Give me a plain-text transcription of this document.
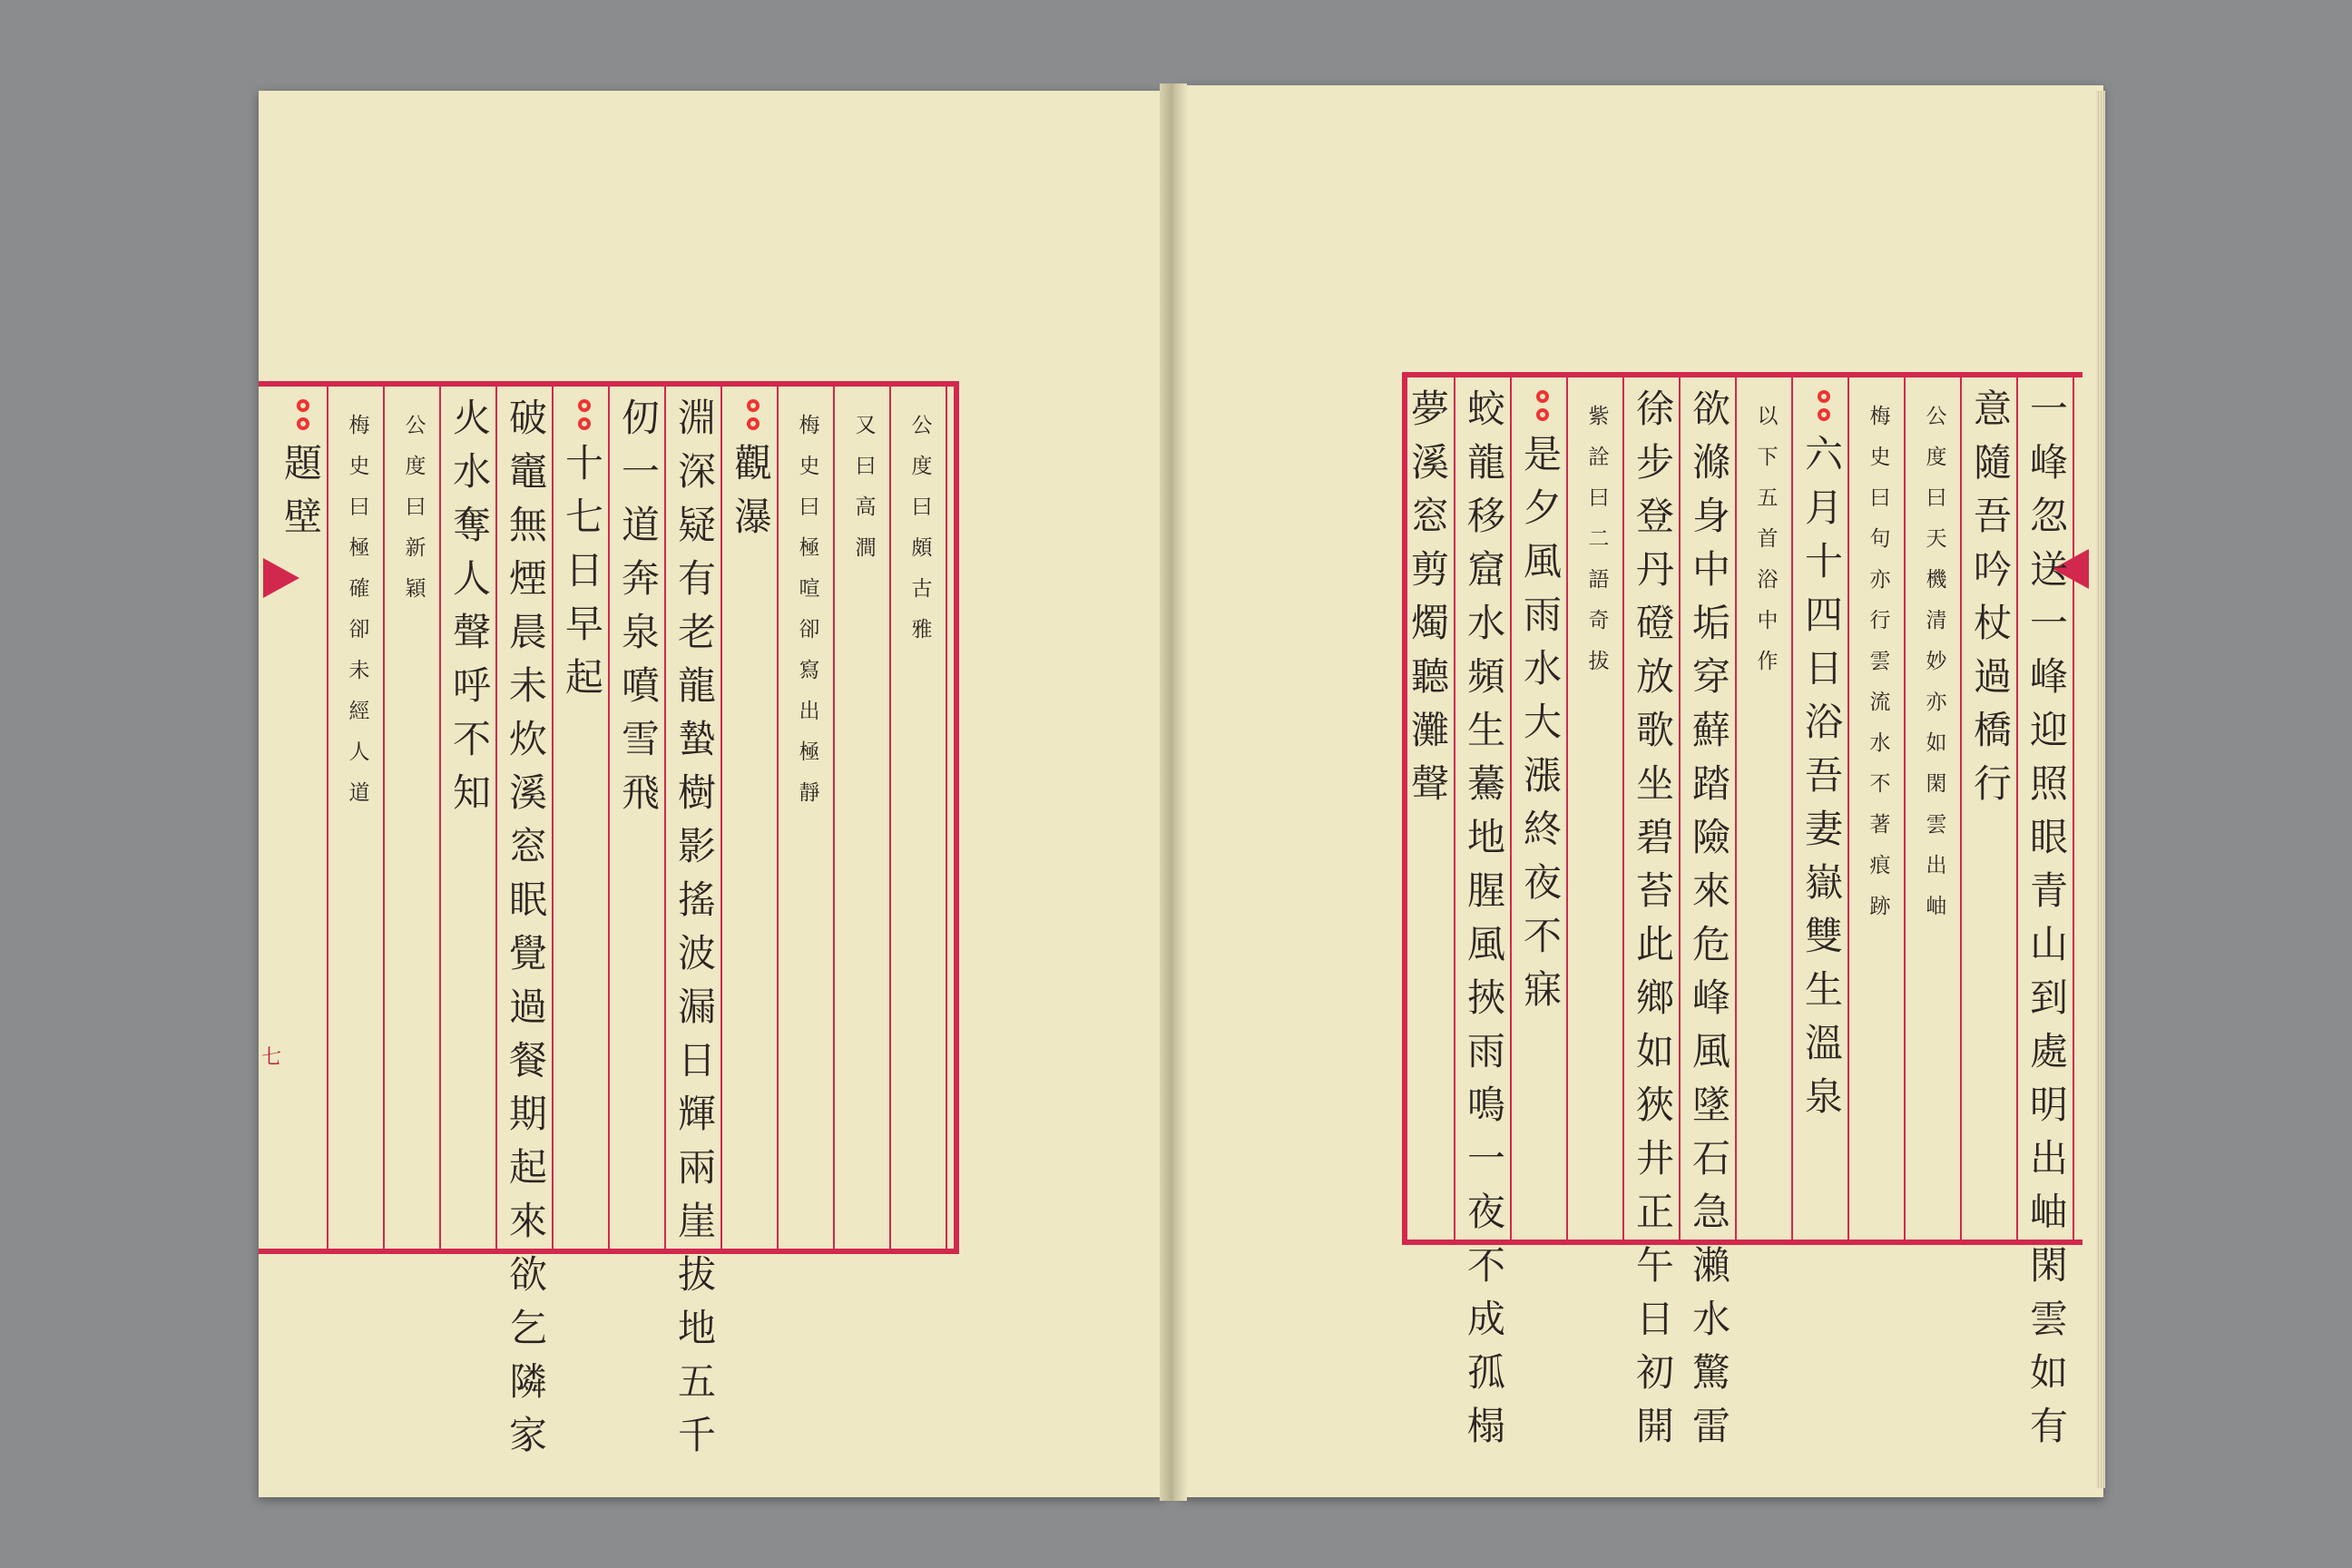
七
公
度
曰
頗
古
雅
又
曰
高
澗
梅
史
曰
極
喧
卻
寫
出
極
靜
觀
瀑
淵
深
疑
有
老
龍
蟄
樹
影
搖
波
漏
日
輝
兩
崖
拔
地
五
千
仞
一
道
奔
泉
噴
雪
飛
十
七
日
早
起
破
竈
無
煙
晨
未
炊
溪
窓
眠
覺
過
餐
期
起
來
欲
乞
隣
家
火
水
奪
人
聲
呼
不
知
公
度
曰
新
穎
梅
史
曰
極
確
卻
未
經
人
道
題
壁
一
峰
忽
送
一
峰
迎
照
眼
青
山
到
處
明
出
岫
閑
雲
如
有
意
隨
吾
吟
杖
過
橋
行
公
度
曰
天
機
清
妙
亦
如
閑
雲
出
岫
梅
史
曰
句
亦
行
雲
流
水
不
著
痕
跡
六
月
十
四
日
浴
吾
妻
嶽
雙
生
溫
泉
以
下
五
首
浴
中
作
欲
滌
身
中
垢
穿
蘚
踏
險
來
危
峰
風
墜
石
急
瀨
水
驚
雷
徐
步
登
丹
磴
放
歌
坐
碧
苔
此
鄉
如
狹
井
正
午
日
初
開
紫
詮
曰
二
語
奇
拔
是
夕
風
雨
水
大
漲
終
夜
不
寐
蛟
龍
移
窟
水
頻
生
驀
地
腥
風
挾
雨
鳴
一
夜
不
成
孤
榻
夢
溪
窓
剪
燭
聽
灘
聲
